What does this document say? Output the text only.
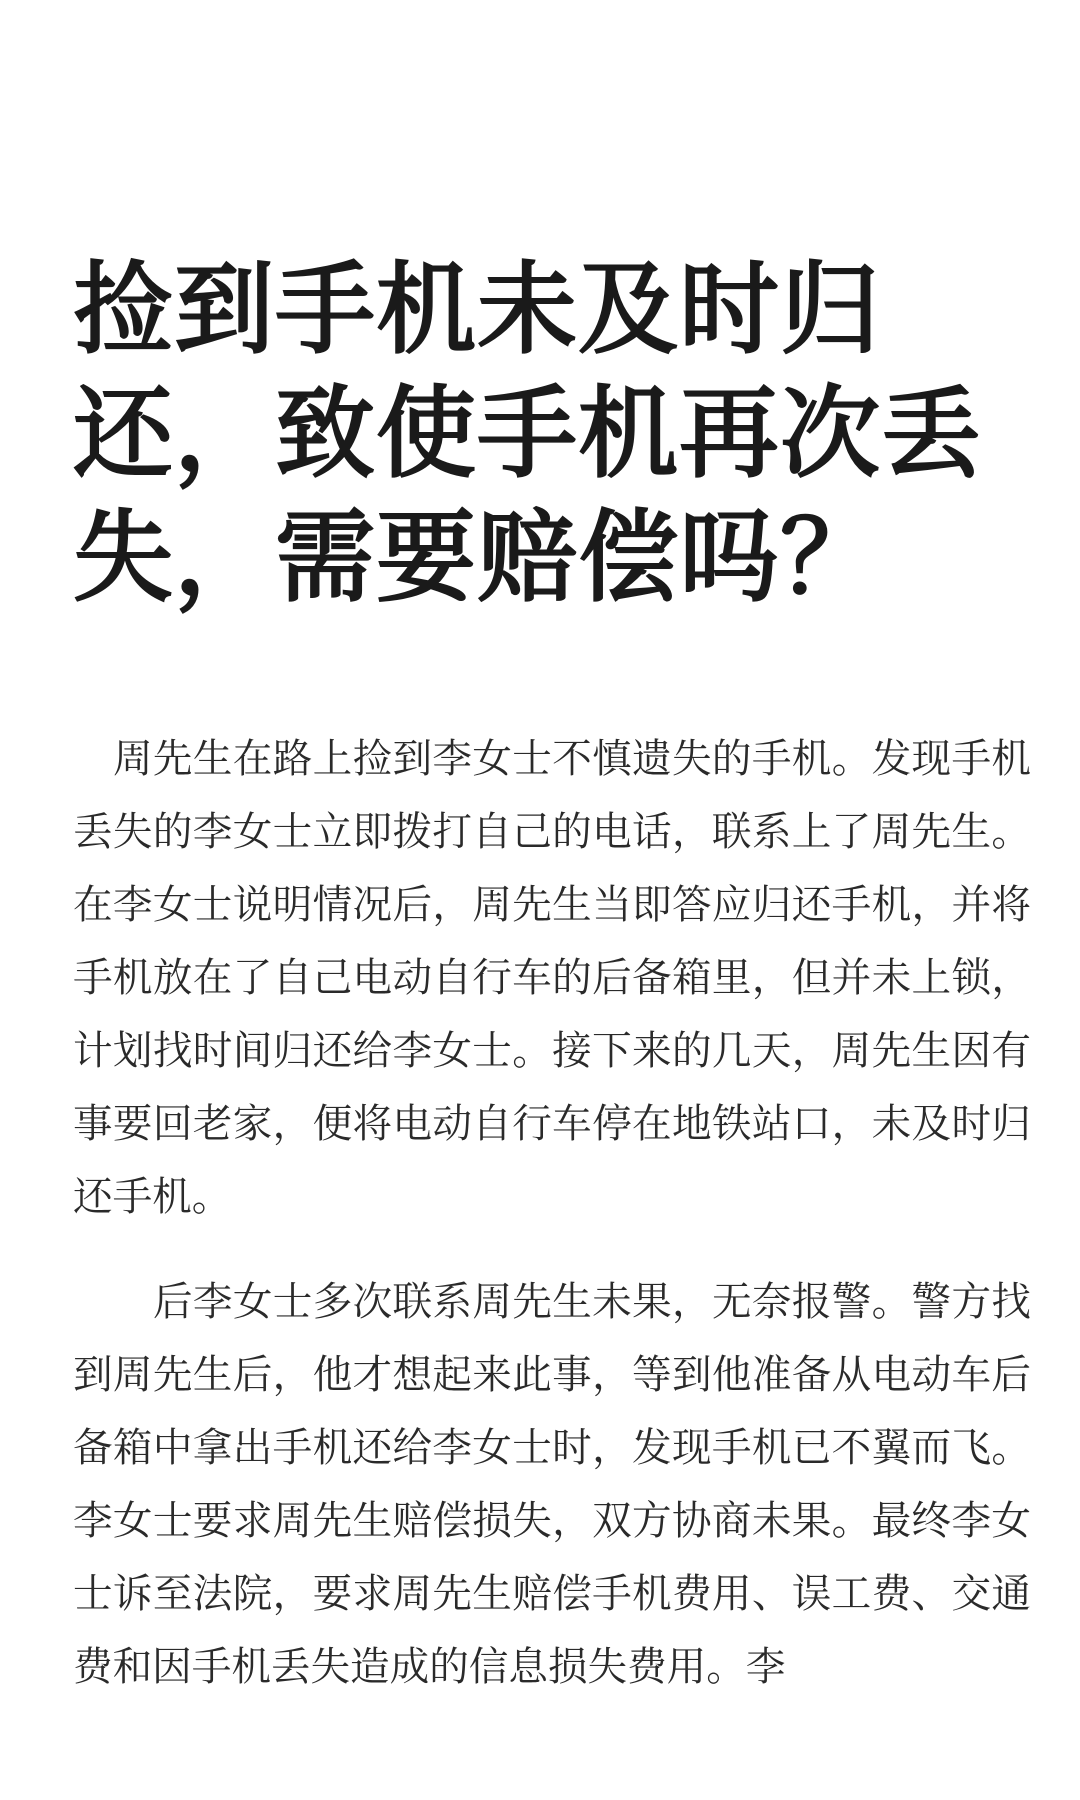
捡到手机未及时归还，致使手机再次丢失，需要赔偿吗？

周先生在路上捡到李女士不慎遗失的手机。发现手机丢失的李女士立即拨打自己的电话，联系上了周先生。在李女士说明情况后，周先生当即答应归还手机，并将手机放在了自己电动自行车的后备箱里，但并未上锁，计划找时间归还给李女士。接下来的几天，周先生因有事要回老家，便将电动自行车停在地铁站口，未及时归还手机。

后李女士多次联系周先生未果，无奈报警。警方找到周先生后，他才想起来此事，等到他准备从电动车后备箱中拿出手机还给李女士时，发现手机已不翼而飞。李女士要求周先生赔偿损失，双方协商未果。最终李女士诉至法院，要求周先生赔偿手机费用、误工费、交通费和因手机丢失造成的信息损失费用。李
